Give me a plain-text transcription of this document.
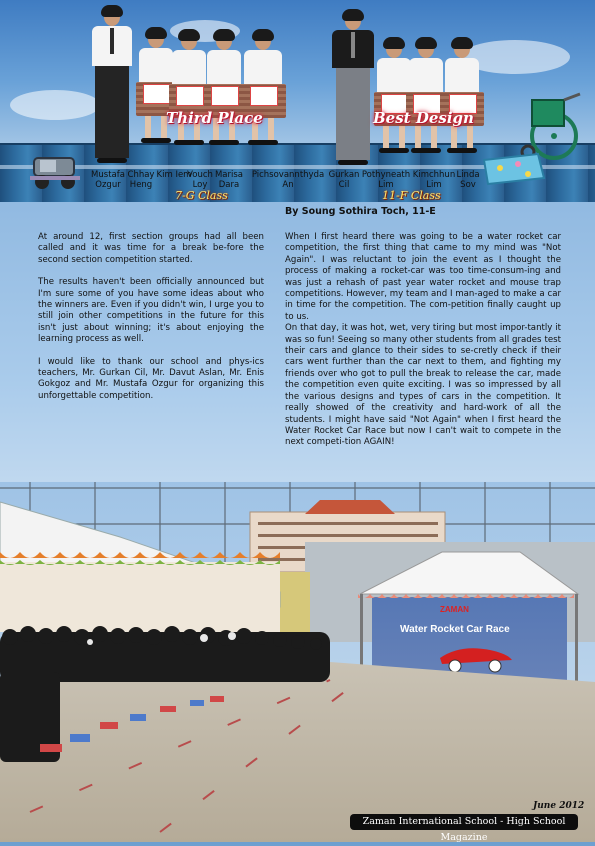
Third Place	Best Design
Mustafa
Ozgur
Chhay
Heng
Kim Iem

Vouch
Loy
Marisa
Dara
Pichsovannthyda
An
Gurkan
Cil
Pothyneath
Lim
Kimchhun
Lim
Linda
Sov
7-G Class	11-F Class
By Soung Sothira Toch, 11-E

At around 12, first section groups had all been called and it was time for a break be-fore the second section competition started.

The results haven't been officially announced but I'm sure some of you have some ideas about who the winners are. Even if you didn't win, I urge you to still join other competitions in the future for this isn't just about winning; it's about enjoying the learning process as well.

I would like to thank our school and phys-ics teachers, Mr. Gurkan Cil, Mr. Davut Aslan, Mr. Enis Gokgoz and Mr. Mustafa Ozgur for organizing this unforgettable competition.

When I first heard there was going to be a water rocket car competition, the first thing that came to my mind was "Not Again". I was reluctant to join the event as I thought the process of making a rocket-car was too time-consum-ing and was just a rehash of past year water rocket and mouse trap competitions. However, my team and I man-aged to make a car in time for the competition. The com-petition finally caught up to us.

On that day, it was hot, wet, very tiring but most impor-tantly it was so fun! Seeing so many other students from all grades test their cars and glance to their sides to se-cretly check if their cars went further than the car next to them, and fighting my friends over who got to pull the break to release the car, made the competition even quite exciting. I was so impressed by all the various designs and types of cars in the competition. It really showed of the creativity and hard-work of all the students. I might have said "Not Again" when I first heard the Water Rocket Car Race but now I can't wait to compete in the next competi-tion AGAIN!

ZAMAN
Water Rocket Car Race
June 2012
Zaman International School - High School Magazine
